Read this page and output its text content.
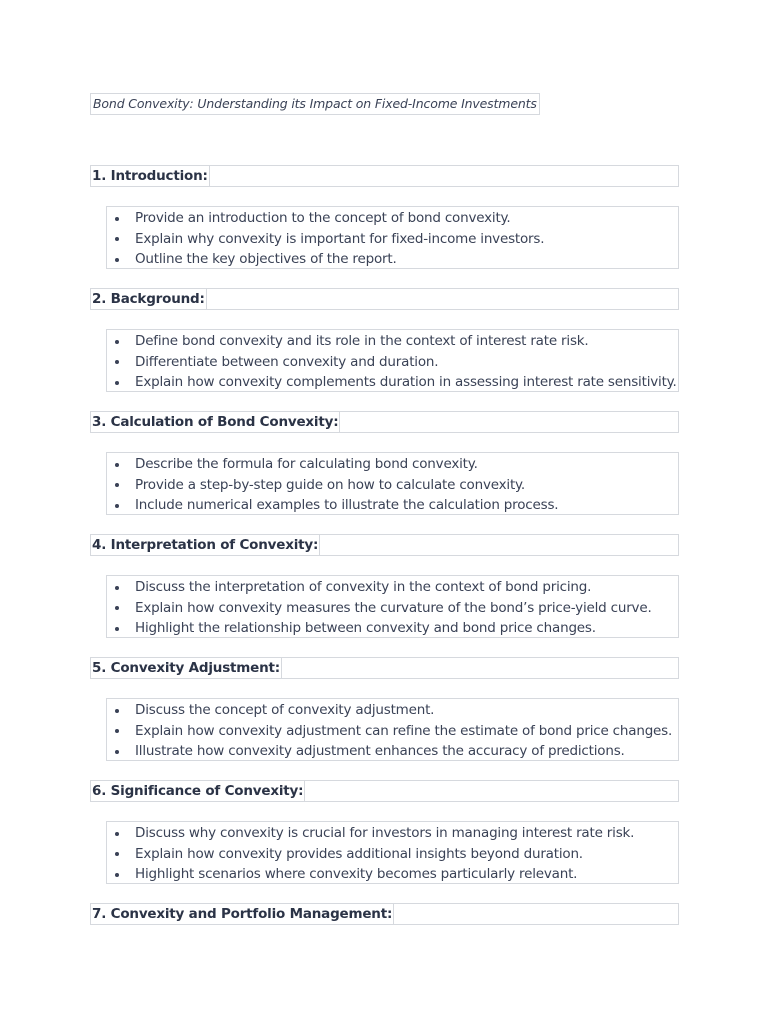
Bond Convexity: Understanding its Impact on Fixed-Income Investments
1. Introduction:
Provide an introduction to the concept of bond convexity.
Explain why convexity is important for fixed-income investors.
Outline the key objectives of the report.
2. Background:
Define bond convexity and its role in the context of interest rate risk.
Differentiate between convexity and duration.
Explain how convexity complements duration in assessing interest rate sensitivity.
3. Calculation of Bond Convexity:
Describe the formula for calculating bond convexity.
Provide a step-by-step guide on how to calculate convexity.
Include numerical examples to illustrate the calculation process.
4. Interpretation of Convexity:
Discuss the interpretation of convexity in the context of bond pricing.
Explain how convexity measures the curvature of the bond’s price-yield curve.
Highlight the relationship between convexity and bond price changes.
5. Convexity Adjustment:
Discuss the concept of convexity adjustment.
Explain how convexity adjustment can refine the estimate of bond price changes.
Illustrate how convexity adjustment enhances the accuracy of predictions.
6. Significance of Convexity:
Discuss why convexity is crucial for investors in managing interest rate risk.
Explain how convexity provides additional insights beyond duration.
Highlight scenarios where convexity becomes particularly relevant.
7. Convexity and Portfolio Management:
